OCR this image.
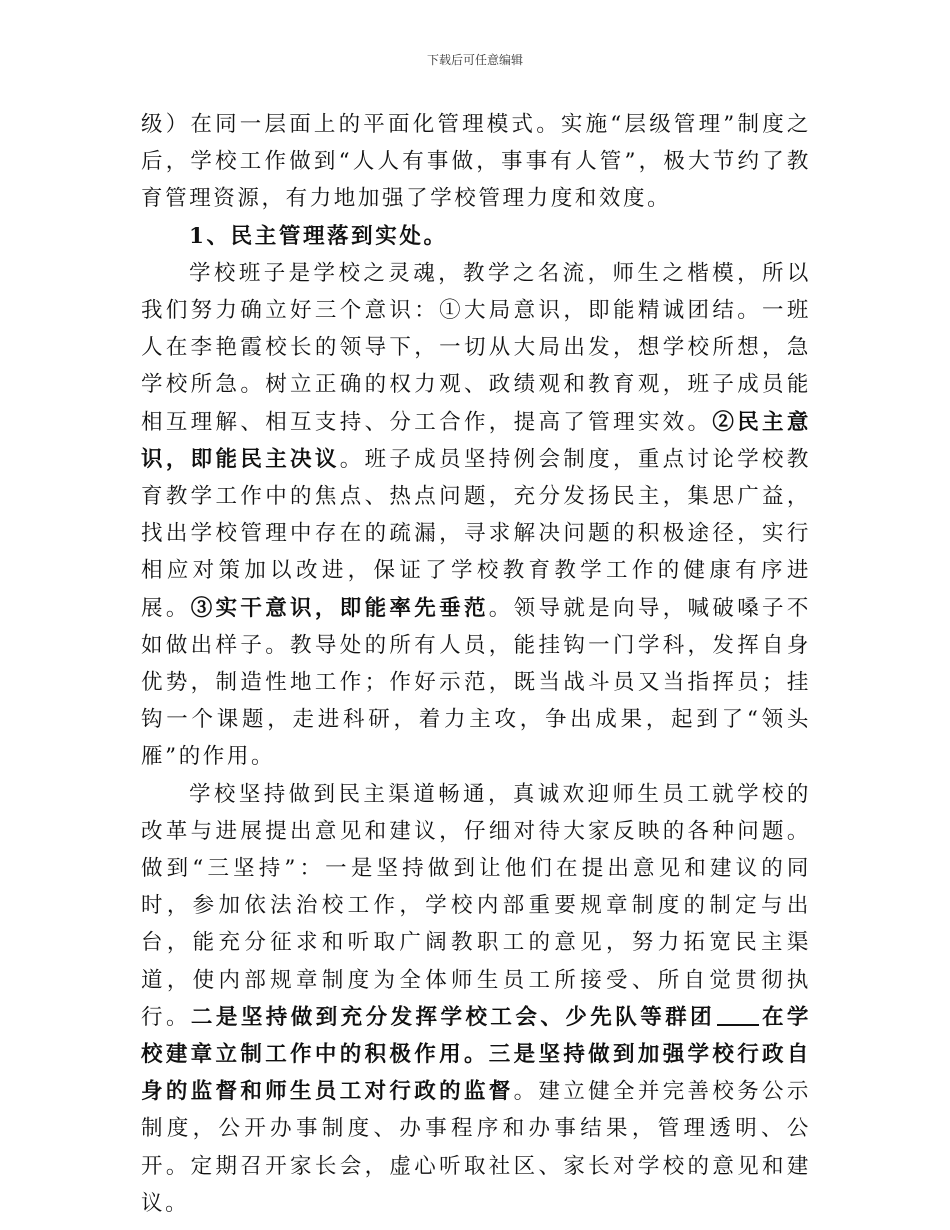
下载后可任意编辑

级）在同一层面上的平面化管理模式。实施“层级管理”制度之后，学校工作做到“人人有事做，事事有人管”，极大节约了教育管理资源，有力地加强了学校管理力度和效度。

1、民主管理落到实处。

学校班子是学校之灵魂，教学之名流，师生之楷模，所以我们努力确立好三个意识：①大局意识，即能精诚团结。一班人在李艳霞校长的领导下，一切从大局出发，想学校所想，急学校所急。树立正确的权力观、政绩观和教育观，班子成员能相互理解、相互支持、分工合作，提高了管理实效。②民主意识，即能民主决议。班子成员坚持例会制度，重点讨论学校教育教学工作中的焦点、热点问题，充分发扬民主，集思广益，找出学校管理中存在的疏漏，寻求解决问题的积极途径，实行相应对策加以改进，保证了学校教育教学工作的健康有序进展。③实干意识，即能率先垂范。领导就是向导，喊破嗓子不如做出样子。教导处的所有人员，能挂钩一门学科，发挥自身优势，制造性地工作；作好示范，既当战斗员又当指挥员；挂钩一个课题，走进科研，着力主攻，争出成果，起到了“领头雁”的作用。

学校坚持做到民主渠道畅通，真诚欢迎师生员工就学校的改革与进展提出意见和建议，仔细对待大家反映的各种问题。做到“三坚持”：一是坚持做到让他们在提出意见和建议的同时，参加依法治校工作，学校内部重要规章制度的制定与出台，能充分征求和听取广阔教职工的意见，努力拓宽民主渠道，使内部规章制度为全体师生员工所接受、所自觉贯彻执行。二是坚持做到充分发挥学校工会、少先队等群团 在学校建章立制工作中的积极作用。三是坚持做到加强学校行政自身的监督和师生员工对行政的监督。建立健全并完善校务公示制度，公开办事制度、办事程序和办事结果，管理透明、公开。定期召开家长会，虚心听取社区、家长对学校的意见和建议。
